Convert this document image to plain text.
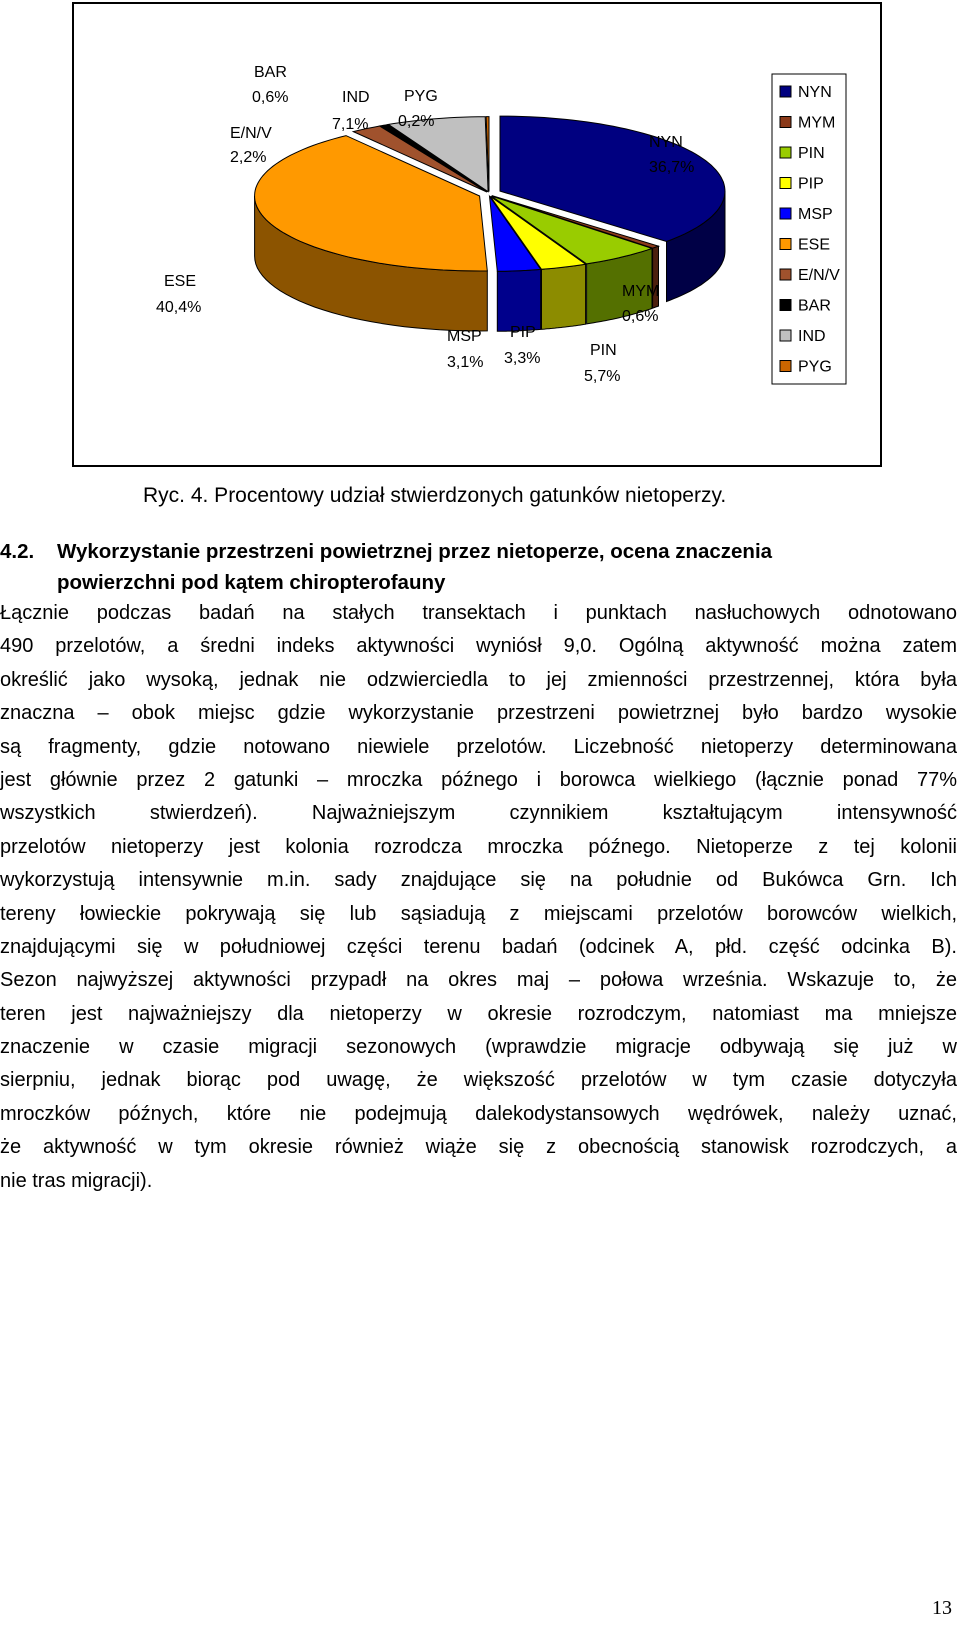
NYN
MYM
PIN
PIP
MSP
ESE
E/N/V
BAR
IND
PYG
NYN
36,7%
MYM
0,6%
PIN
5,7%
PIP
3,3%
MSP
3,1%
ESE
40,4%
E/N/V
2,2%
BAR
0,6%	IND
7,1%
PYG
0,2%
Ryc. 4. Procentowy udział stwierdzonych gatunków nietoperzy.
4.2. Wykorzystanie przestrzeni powietrznej przez nietoperze, ocena znaczenia
powierzchni pod kątem chiropterofauny
Łącznie podczas badań na stałych transektach i punktach nasłuchowych odnotowano
490 przelotów, a średni indeks aktywności wyniósł 9,0. Ogólną aktywność można zatem
określić jako wysoką, jednak nie odzwierciedla to jej zmienności przestrzennej, która była
znaczna – obok miejsc gdzie wykorzystanie przestrzeni powietrznej było bardzo wysokie
są fragmenty, gdzie notowano niewiele przelotów. Liczebność nietoperzy determinowana
jest głównie przez 2 gatunki – mroczka późnego i borowca wielkiego (łącznie ponad 77%
wszystkich stwierdzeń). Najważniejszym czynnikiem kształtującym intensywność
przelotów nietoperzy jest kolonia rozrodcza mroczka późnego. Nietoperze z tej kolonii
wykorzystują intensywnie m.in. sady znajdujące się na południe od Bukówca Grn. Ich
tereny łowieckie pokrywają się lub sąsiadują z miejscami przelotów borowców wielkich,
znajdującymi się w południowej części terenu badań (odcinek A, płd. część odcinka B).
Sezon najwyższej aktywności przypadł na okres maj – połowa września. Wskazuje to, że
teren jest najważniejszy dla nietoperzy w okresie rozrodczym, natomiast ma mniejsze
znaczenie w czasie migracji sezonowych (wprawdzie migracje odbywają się już w
sierpniu, jednak biorąc pod uwagę, że większość przelotów w tym czasie dotyczyła
mroczków późnych, które nie podejmują dalekodystansowych wędrówek, należy uznać,
że aktywność w tym okresie również wiąże się z obecnością stanowisk rozrodczych, a
nie tras migracji).
13
